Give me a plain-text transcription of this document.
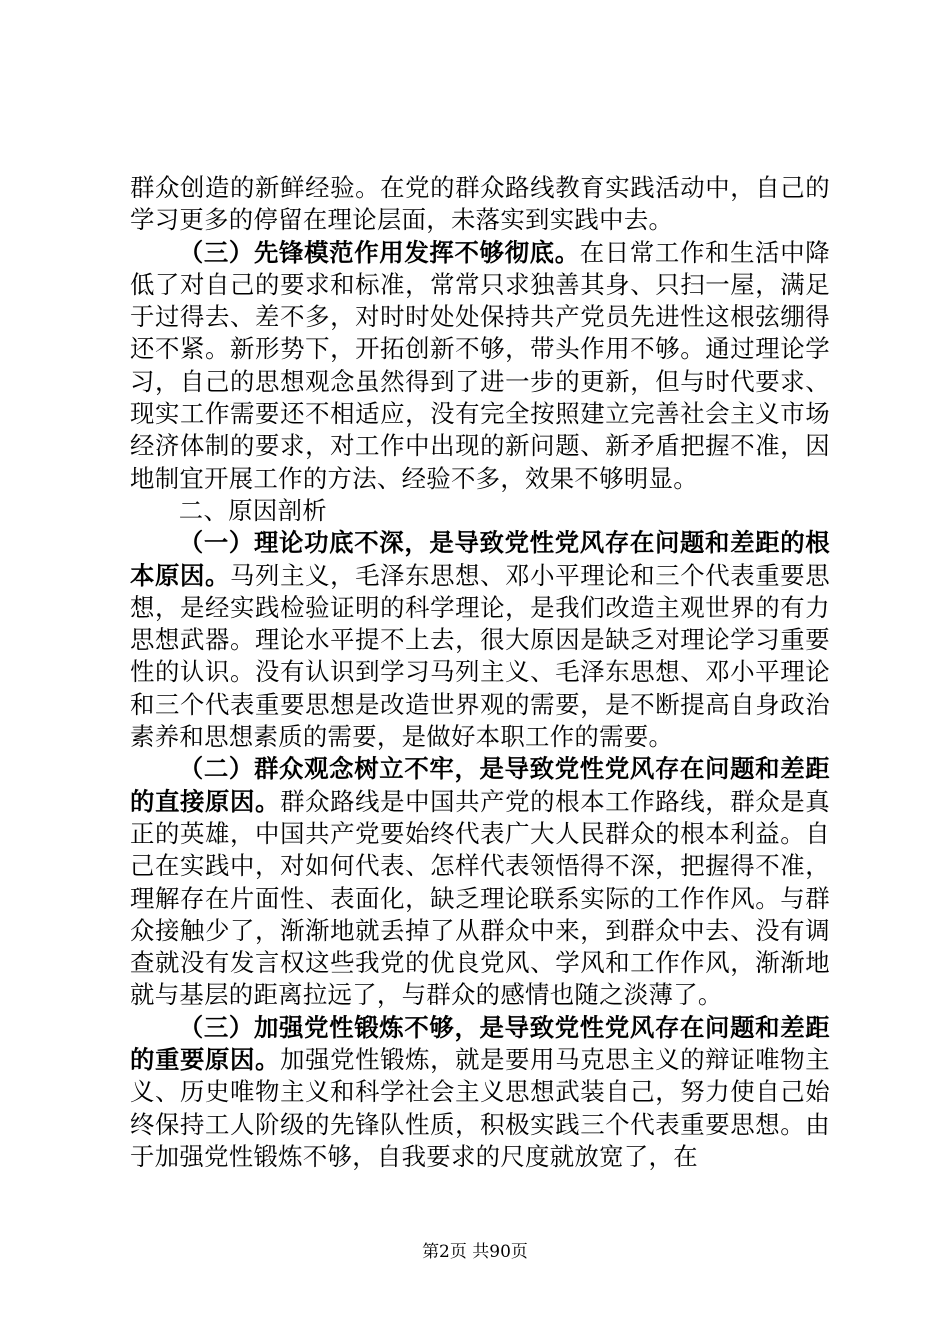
群众创造的新鲜经验。在党的群众路线教育实践活动中，自己的学习更多的停留在理论层面，未落实到实践中去。

（三）先锋模范作用发挥不够彻底。在日常工作和生活中降低了对自己的要求和标准，常常只求独善其身、只扫一屋，满足于过得去、差不多，对时时处处保持共产党员先进性这根弦绷得还不紧。新形势下，开拓创新不够，带头作用不够。通过理论学习，自己的思想观念虽然得到了进一步的更新，但与时代要求、现实工作需要还不相适应，没有完全按照建立完善社会主义市场经济体制的要求，对工作中出现的新问题、新矛盾把握不准，因地制宜开展工作的方法、经验不多，效果不够明显。

二、原因剖析

（一）理论功底不深，是导致党性党风存在问题和差距的根本原因。马列主义，毛泽东思想、邓小平理论和三个代表重要思想，是经实践检验证明的科学理论，是我们改造主观世界的有力思想武器。理论水平提不上去，很大原因是缺乏对理论学习重要性的认识。没有认识到学习马列主义、毛泽东思想、邓小平理论和三个代表重要思想是改造世界观的需要，是不断提高自身政治素养和思想素质的需要，是做好本职工作的需要。

（二）群众观念树立不牢，是导致党性党风存在问题和差距的直接原因。群众路线是中国共产党的根本工作路线，群众是真正的英雄，中国共产党要始终代表广大人民群众的根本利益。自己在实践中，对如何代表、怎样代表领悟得不深，把握得不准，理解存在片面性、表面化，缺乏理论联系实际的工作作风。与群众接触少了，渐渐地就丢掉了从群众中来，到群众中去、没有调查就没有发言权这些我党的优良党风、学风和工作作风，渐渐地就与基层的距离拉远了，与群众的感情也随之淡薄了。

（三）加强党性锻炼不够，是导致党性党风存在问题和差距的重要原因。加强党性锻炼，就是要用马克思主义的辩证唯物主义、历史唯物主义和科学社会主义思想武装自己，努力使自己始终保持工人阶级的先锋队性质，积极实践三个代表重要思想。由于加强党性锻炼不够，自我要求的尺度就放宽了，在

第2页 共90页
